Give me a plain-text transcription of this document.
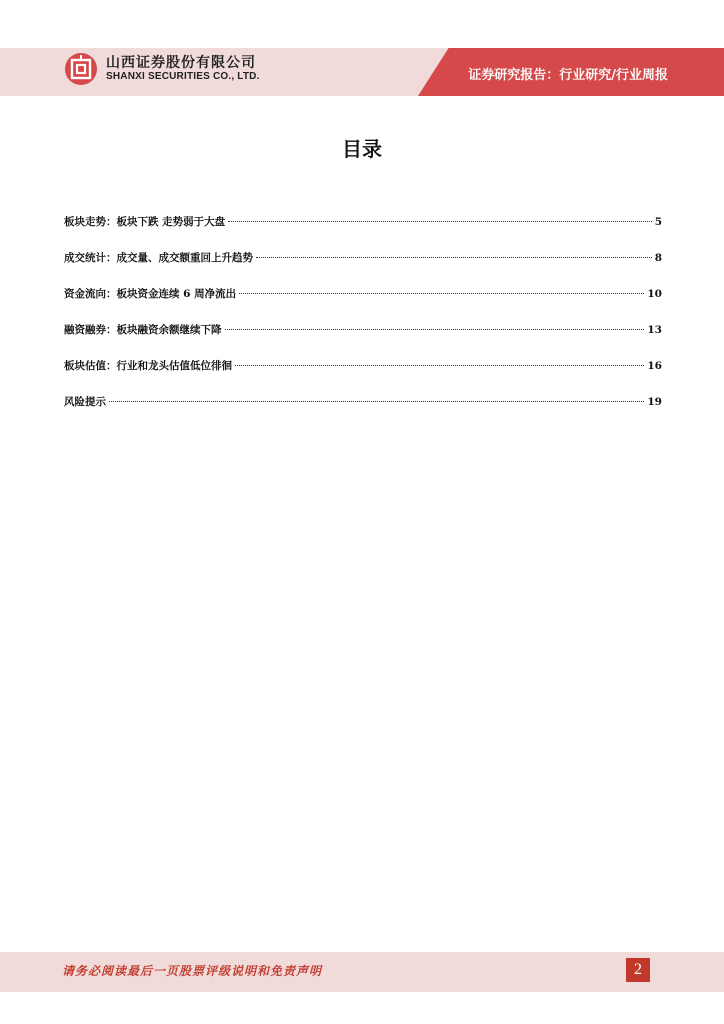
山西证券股份有限公司
SHANXI SECURITIES CO., LTD.	证券研究报告：行业研究/行业周报
目录
板块走势：板块下跌 走势弱于大盘	5
成交统计：成交量、成交额重回上升趋势	8
资金流向：板块资金连续 6 周净流出	10
融资融券：板块融资余额继续下降	13
板块估值：行业和龙头估值低位徘徊	16
风险提示	19
请务必阅读最后一页股票评级说明和免责声明	2
